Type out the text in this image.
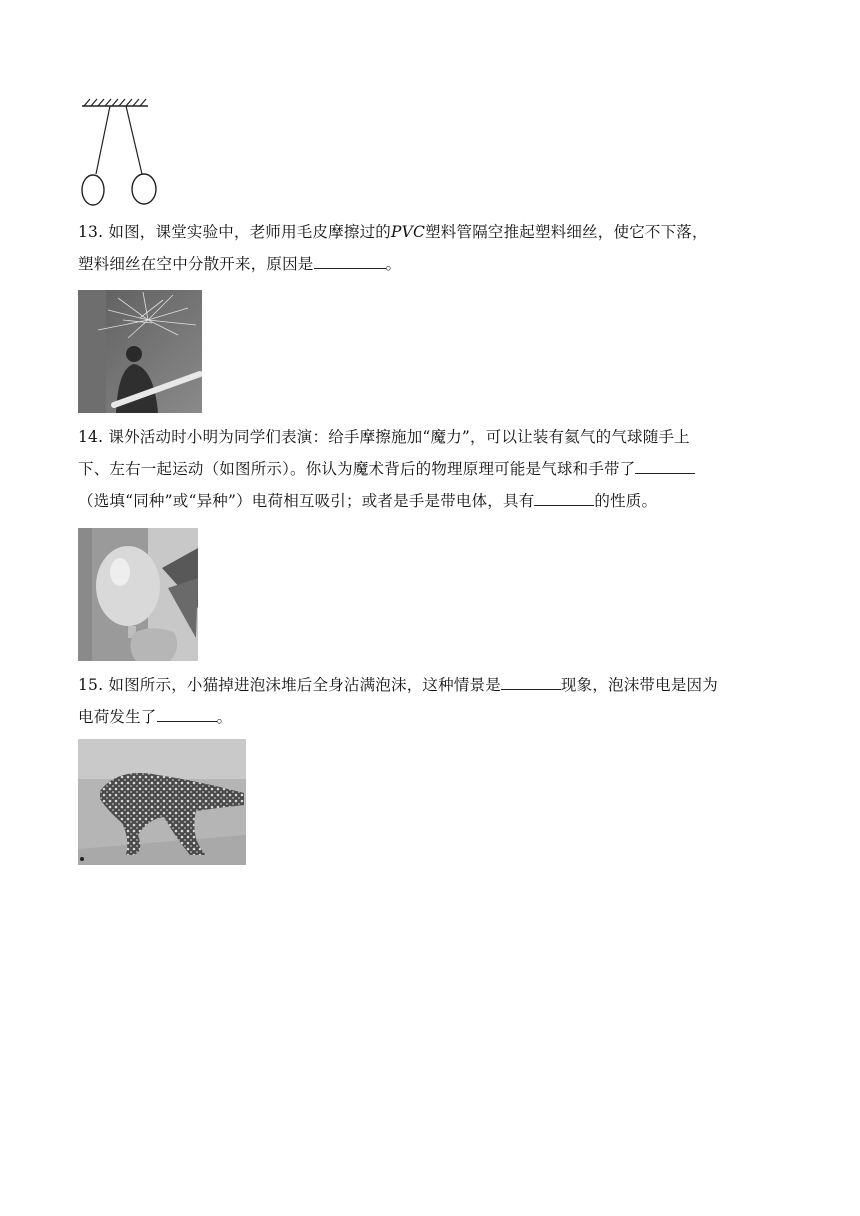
13. 如图，课堂实验中，老师用毛皮摩擦过的PVC塑料管隔空推起塑料细丝，使它不下落，
塑料细丝在空中分散开来，原因是	。
14. 课外活动时小明为同学们表演：给手摩擦施加“魔力”，可以让装有氦气的气球随手上
下、左右一起运动（如图所示）。你认为魔术背后的物理原理可能是气球和手带了
（选填“同种”或“异种”）电荷相互吸引；或者是手是带电体，具有	的性质。
15. 如图所示，小猫掉进泡沫堆后全身沾满泡沫，这种情景是	现象，泡沫带电是因为
电荷发生了	。
